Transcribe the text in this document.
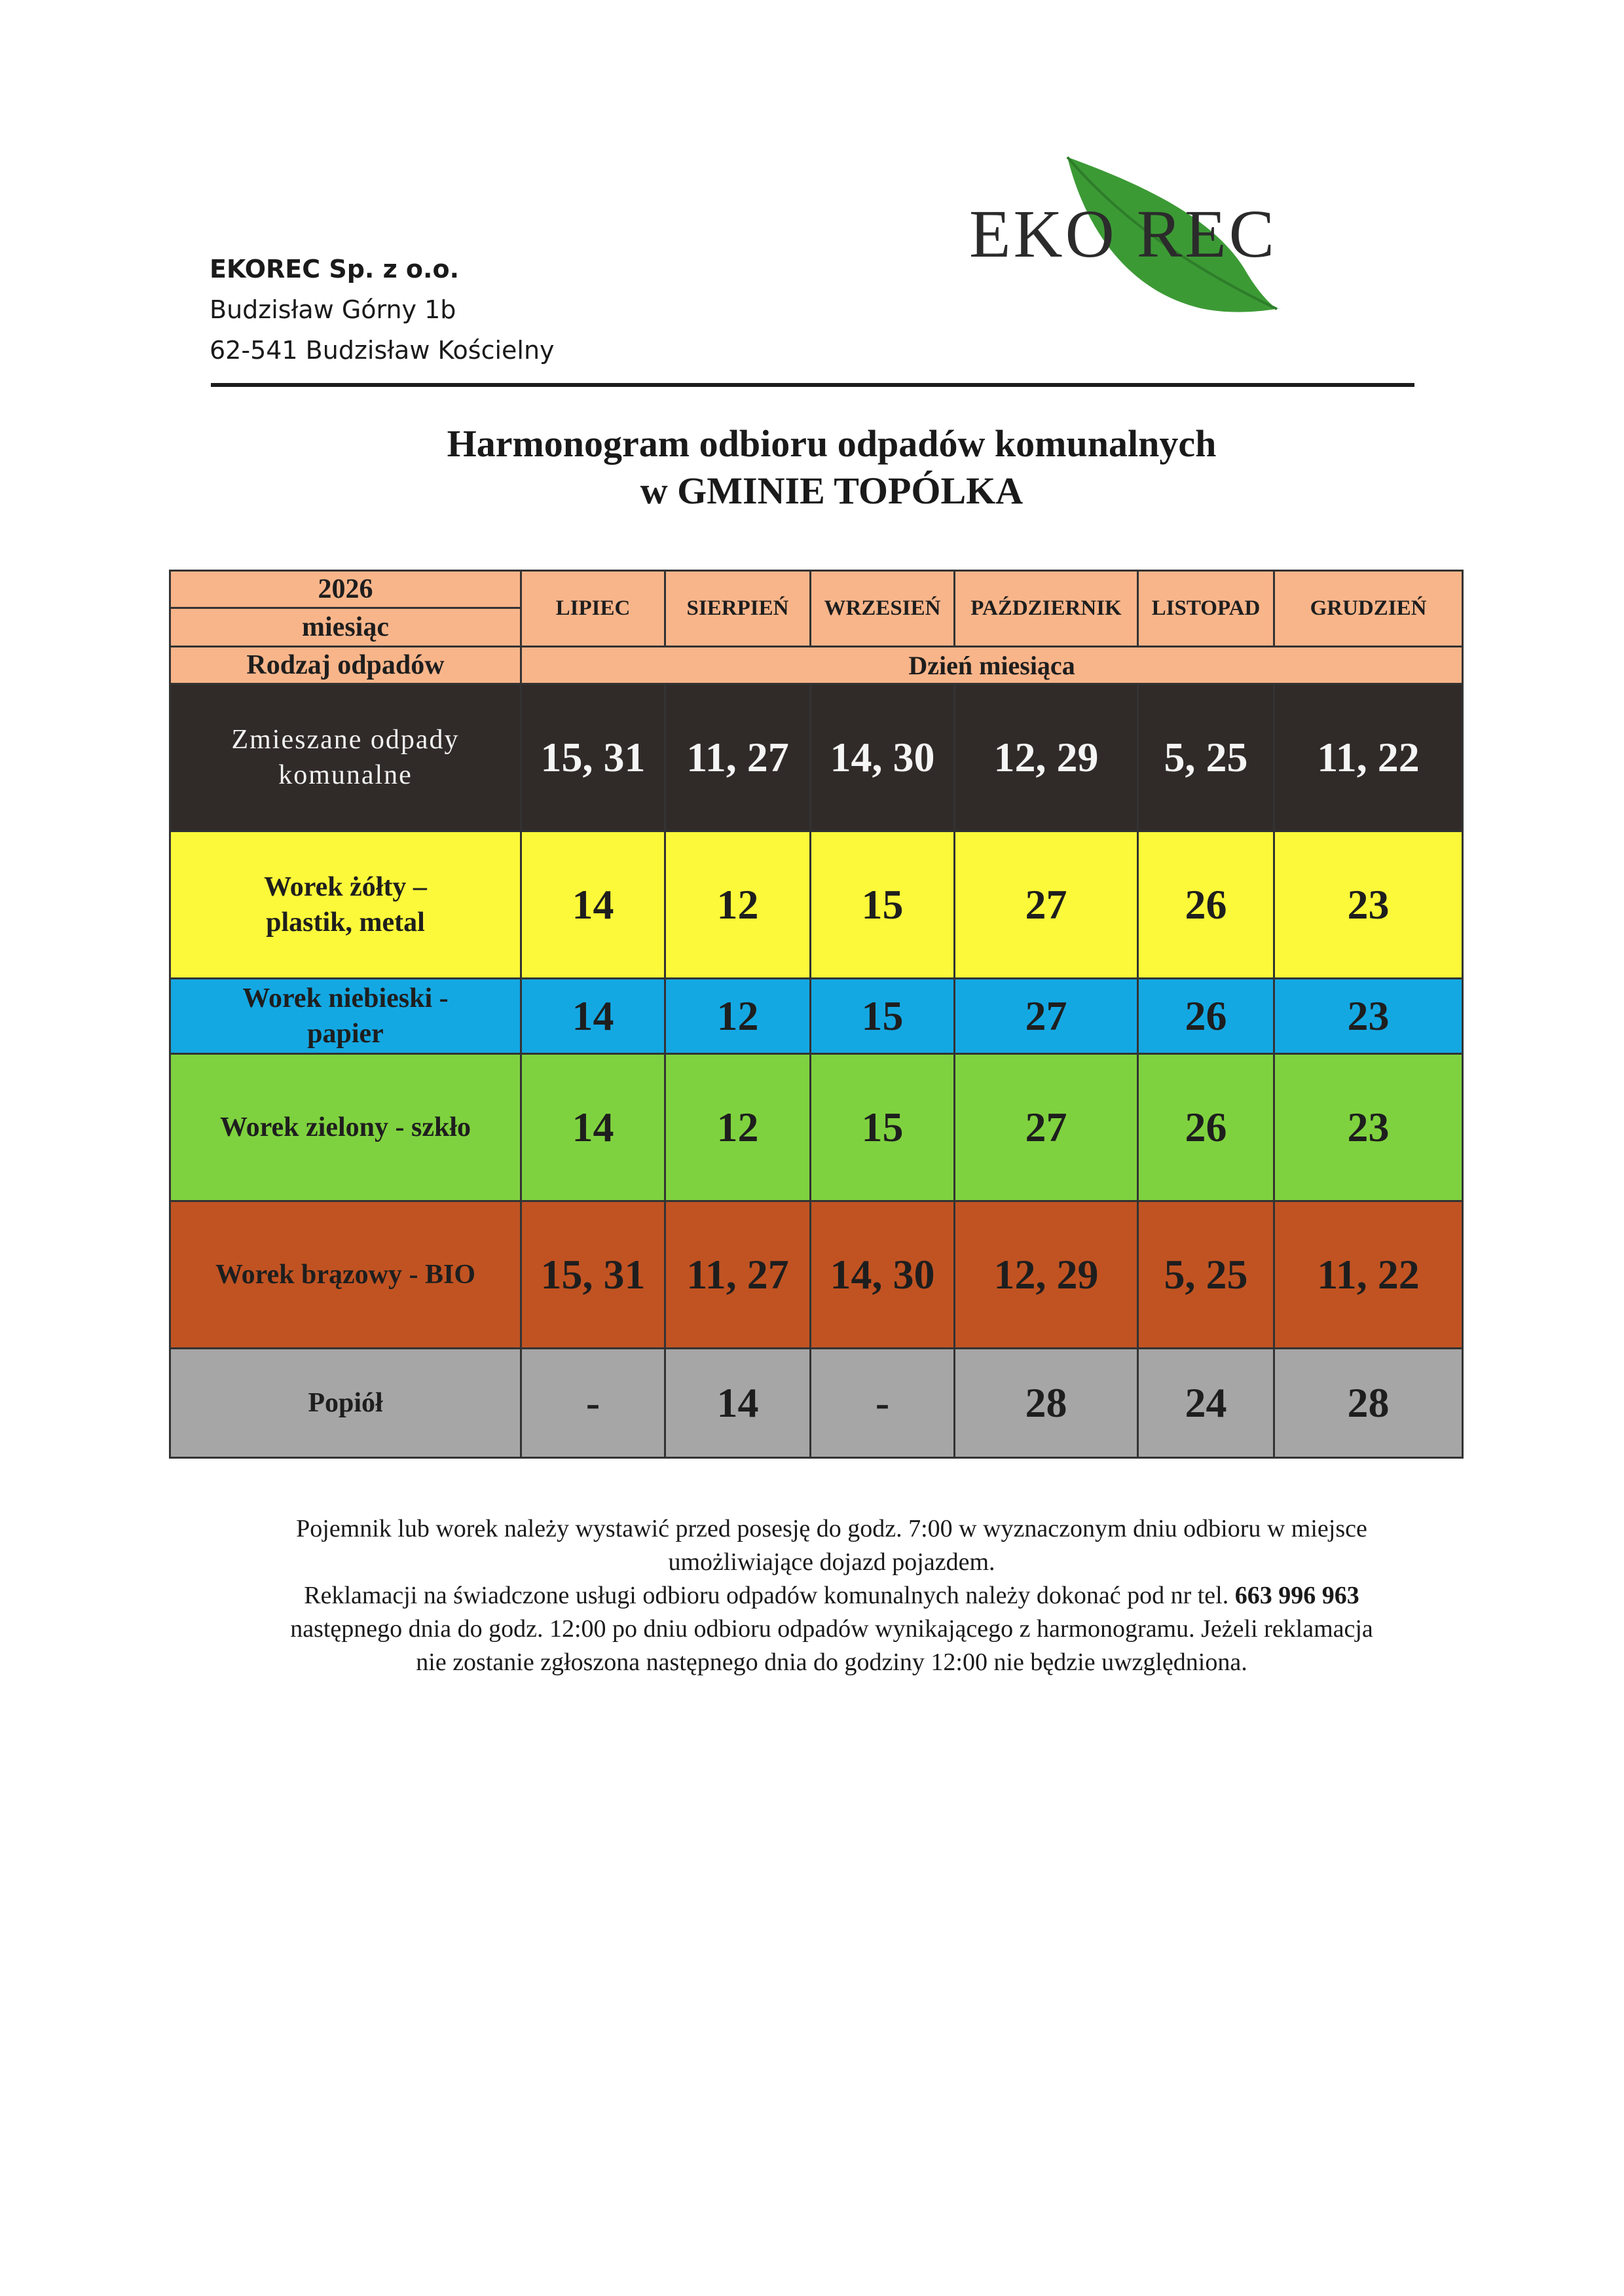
EKOREC Sp. z o.o.
Budzisław Górny 1b
62-541 Budzisław Kościelny
EKO REC
Harmonogram odbioru odpadów komunalnych
w GMINIE TOPÓLKA
2026	LIPIEC	SIERPIEŃ	WRZESIEŃ	PAŹDZIERNIK	LISTOPAD	GRUDZIEŃ
miesiąc						
Rodzaj odpadów	Dzień miesiąca					
Zmieszane odpady
komunalne	15, 31	11, 27	14, 30	12, 29	5, 25	11, 22
Worek żółty –
plastik, metal	14	12	15	27	26	23
Worek niebieski -
papier	14	12	15	27	26	23
Worek zielony - szkło	14	12	15	27	26	23
Worek brązowy - BIO	15, 31	11, 27	14, 30	12, 29	5, 25	11, 22
Popiół	-	14	-	28	24	28
Pojemnik lub worek należy wystawić przed posesję do godz. 7:00 w wyznaczonym dniu odbioru w miejsce
umożliwiające dojazd pojazdem.
Reklamacji na świadczone usługi odbioru odpadów komunalnych należy dokonać pod nr tel. 663 996 963
następnego dnia do godz. 12:00 po dniu odbioru odpadów wynikającego z harmonogramu. Jeżeli reklamacja
nie zostanie zgłoszona następnego dnia do godziny 12:00 nie będzie uwzględniona.
